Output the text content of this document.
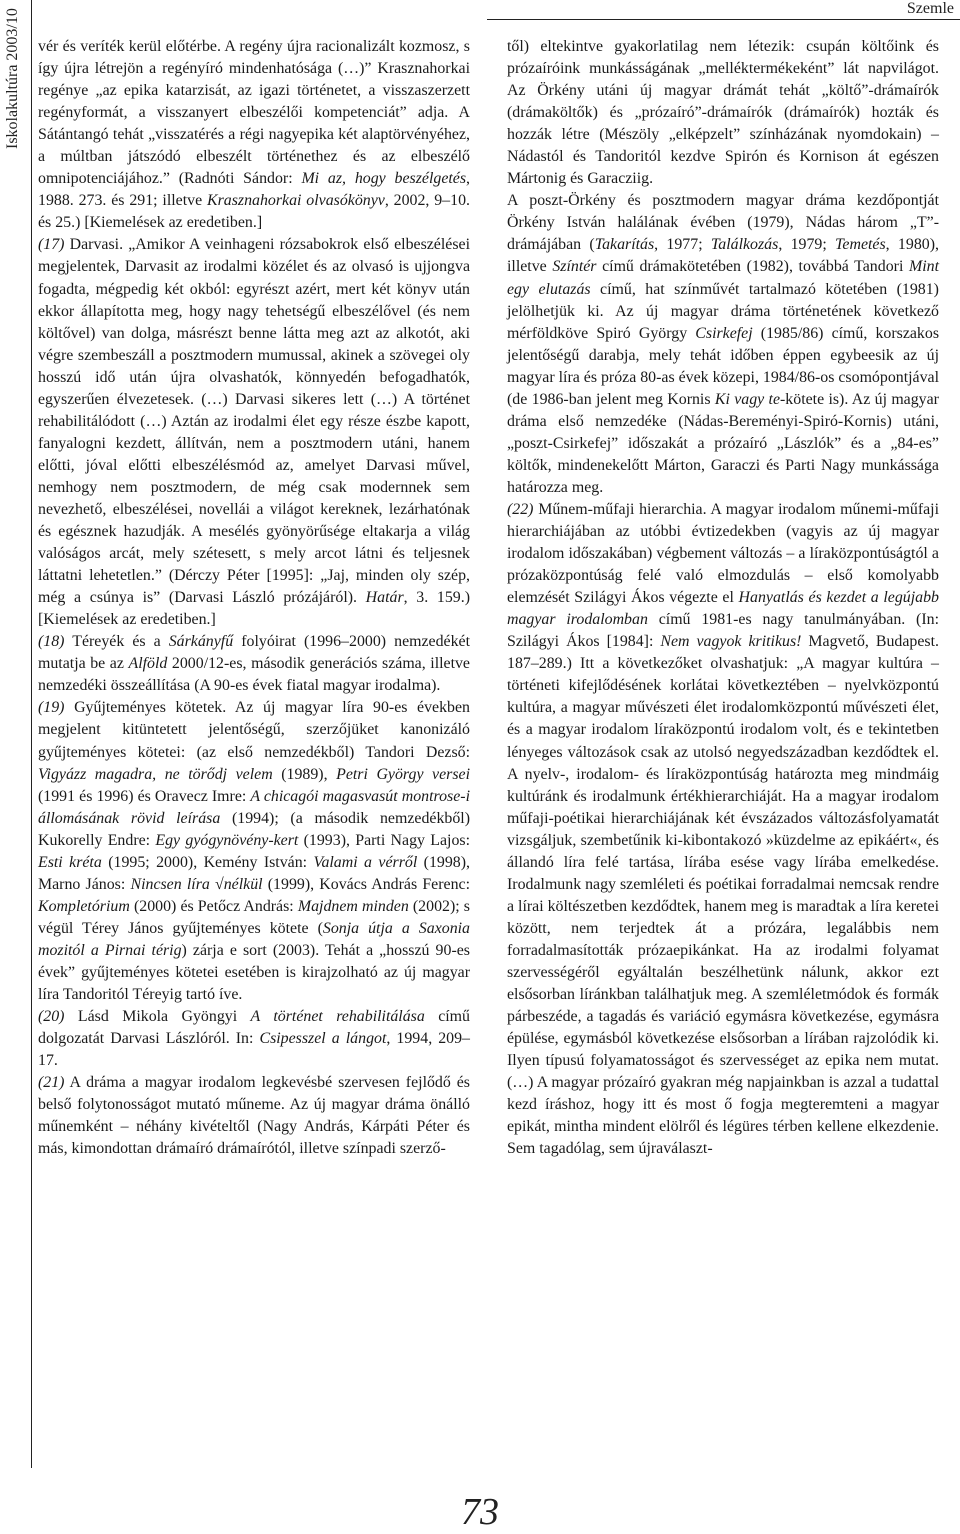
Iskolakultúra 2003/10	Szemle

vér és veríték kerül előtérbe. A regény újra racionalizált kozmosz, s így újra létrejön a regényíró mindenhatósága (…)” Krasznahorkai regénye „az epika katarzisát, az igazi történetet, a visszaszerzett regényformát, a visszanyert elbeszélői kompetenciát” adja. A Sátántangó tehát „visszatérés a régi nagyepika két alaptörvényéhez, a múltban játszódó elbeszélt történethez és az elbeszélő omnipotenciájához.” (Radnóti Sándor: Mi az, hogy beszélgetés, 1988. 273. és 291; illetve Krasznahorkai olvasókönyv, 2002, 9–10. és 25.) [Kiemelések az eredetiben.]

(17) Darvasi. „Amikor A veinhageni rózsabokrok első elbeszélései megjelentek, Darvasit az irodalmi közélet és az olvasó is ujjongva fogadta, mégpedig két okból: egyrészt azért, mert két könyv után ekkor állapította meg, hogy nagy tehetségű elbeszélővel (és nem költővel) van dolga, másrészt benne látta meg azt az alkotót, aki végre szembeszáll a posztmodern mumussal, akinek a szövegei oly hosszú idő után újra olvashatók, könnyedén befogadhatók, egyszerűen élvezetesek. (…) Darvasi sikeres lett (…) A történet rehabilitálódott (…) Aztán az irodalmi élet egy része észbe kapott, fanyalogni kezdett, állítván, nem a posztmodern utáni, hanem előtti, jóval előtti elbeszélésmód az, amelyet Darvasi művel, nemhogy nem posztmodern, de még csak modernnek sem nevezhető, elbeszélései, novellái a világot kereknek, lezárhatónak és egésznek hazudják. A mesélés gyönyörűsége eltakarja a világ valóságos arcát, mely szétesett, s mely arcot látni és teljesnek láttatni lehetetlen.” (Dérczy Péter [1995]: „Jaj, minden oly szép, még a csúnya is” (Darvasi László prózájáról). Határ, 3. 159.) [Kiemelések az eredetiben.]

(18) Téreyék és a Sárkányfű folyóirat (1996–2000) nemzedékét mutatja be az Alföld 2000/12-es, második generációs száma, illetve nemzedéki összeállítása (A 90-es évek fiatal magyar irodalma).

(19) Gyűjteményes kötetek. Az új magyar líra 90-es években megjelent kitüntetett jelentőségű, szerzőjüket kanonizáló gyűjteményes kötetei: (az első nemzedékből) Tandori Dezső: Vigyázz magadra, ne törődj velem (1989), Petri György versei (1991 és 1996) és Oravecz Imre: A chicagói magasvasút montrose-i állomásának rövid leírása (1994); (a második nemzedékből) Kukorelly Endre: Egy gyógynövény-kert (1993), Parti Nagy Lajos: Esti kréta (1995; 2000), Kemény István: Valami a vérről (1998), Marno János: Nincsen líra √nélkül (1999), Kovács András Ferenc: Kompletórium (2000) és Petőcz András: Majdnem minden (2002); s végül Térey János gyűjteményes kötete (Sonja útja a Saxonia mozitól a Pirnai térig) zárja e sort (2003). Tehát a „hosszú 90-es évek” gyűjteményes kötetei esetében is kirajzolható az új magyar líra Tandoritól Téreyig tartó íve.

(20) Lásd Mikola Gyöngyi A történet rehabilitálása című dolgozatát Darvasi Lászlóról. In: Csipesszel a lángot, 1994, 209–17.

(21) A dráma a magyar irodalom legkevésbé szervesen fejlődő és belső folytonosságot mutató műneme. Az új magyar dráma önálló műnemként – néhány kivételtől (Nagy András, Kárpáti Péter és más, kimondottan drámaíró drámaírótól, illetve színpadi szerző-

től) eltekintve gyakorlatilag nem létezik: csupán költőink és prózaíróink munkásságának „melléktermékeként” lát napvilágot. Az Örkény utáni új magyar drámát tehát „költő”-drámaírók (drámaköltők) és „prózaíró”-drámaírók (drámaírók) hozták és hozzák létre (Mészöly „elképzelt” színházának nyomdokain) – Nádastól és Tandoritól kezdve Spirón és Kornison át egészen Mártonig és Garacziig.

A poszt-Örkény és posztmodern magyar dráma kezdőpontját Örkény István halálának évében (1979), Nádas három „T”-drámájában (Takarítás, 1977; Találkozás, 1979; Temetés, 1980), illetve Színtér című drámakötetében (1982), továbbá Tandori Mint egy elutazás című, hat színművét tartalmazó kötetében (1981) jelölhetjük ki. Az új magyar dráma történetének következő mérföldköve Spiró György Csirkefej (1985/86) című, korszakos jelentőségű darabja, mely tehát időben éppen egybeesik az új magyar líra és próza 80-as évek közepi, 1984/86-os csomópontjával (de 1986-ban jelent meg Kornis Ki vagy te-kötete is). Az új magyar dráma első nemzedéke (Nádas-Bereményi-Spiró-Kornis) utáni, „poszt-Csirkefej” időszakát a prózaíró „Lászlók” és a „84-es” költők, mindenekelőtt Márton, Garaczi és Parti Nagy munkássága határozza meg.

(22) Műnem-műfaji hierarchia. A magyar irodalom műnemi-műfaji hierarchiájában az utóbbi évtizedekben (vagyis az új magyar irodalom időszakában) végbement változás – a líraközpontúságtól a prózaközpontúság felé való elmozdulás – első komolyabb elemzését Szilágyi Ákos végezte el Hanyatlás és kezdet a legújabb magyar irodalomban című 1981-es nagy tanulmányában. (In: Szilágyi Ákos [1984]: Nem vagyok kritikus! Magvető, Budapest. 187–289.) Itt a következőket olvashatjuk: „A magyar kultúra – történeti kifejlődésének korlátai következtében – nyelvközpontú kultúra, a magyar művészeti élet irodalomközpontú művészeti élet, és a magyar irodalom líraközpontú irodalom volt, és e tekintetben lényeges változások csak az utolsó negyedszázadban kezdődtek el. A nyelv-, irodalom- és líraközpontúság határozta meg mindmáig kultúránk és irodalmunk értékhierarchiáját. Ha a magyar irodalom műfaji-poétikai hierarchiájának két évszázados változásfolyamatát vizsgáljuk, szembetűnik ki-kibontakozó »küzdelme az epikáért«, és állandó líra felé tartása, lírába esése vagy lírába emelkedése. Irodalmunk nagy szemléleti és poétikai forradalmai nemcsak rendre a lírai költészetben kezdődtek, hanem meg is maradtak a líra keretei között, nem terjedtek át a prózára, legalábbis nem forradalmasították prózaepikánkat. Ha az irodalmi folyamat szervességéről egyáltalán beszélhetünk nálunk, akkor ezt elsősorban líránkban találhatjuk meg. A szemléletmódok és formák párbeszéde, a tagadás és variáció egymásra következése, egymásra épülése, egymásból következése elsősorban a lírában rajzolódik ki. Ilyen típusú folyamatosságot és szervességet az epika nem mutat. (…) A magyar prózaíró gyakran még napjainkban is azzal a tudattal kezd íráshoz, hogy itt és most ő fogja megteremteni a magyar epikát, mintha mindent elölről és légüres térben kellene elkezdenie. Sem tagadólag, sem újraválaszt-

73
